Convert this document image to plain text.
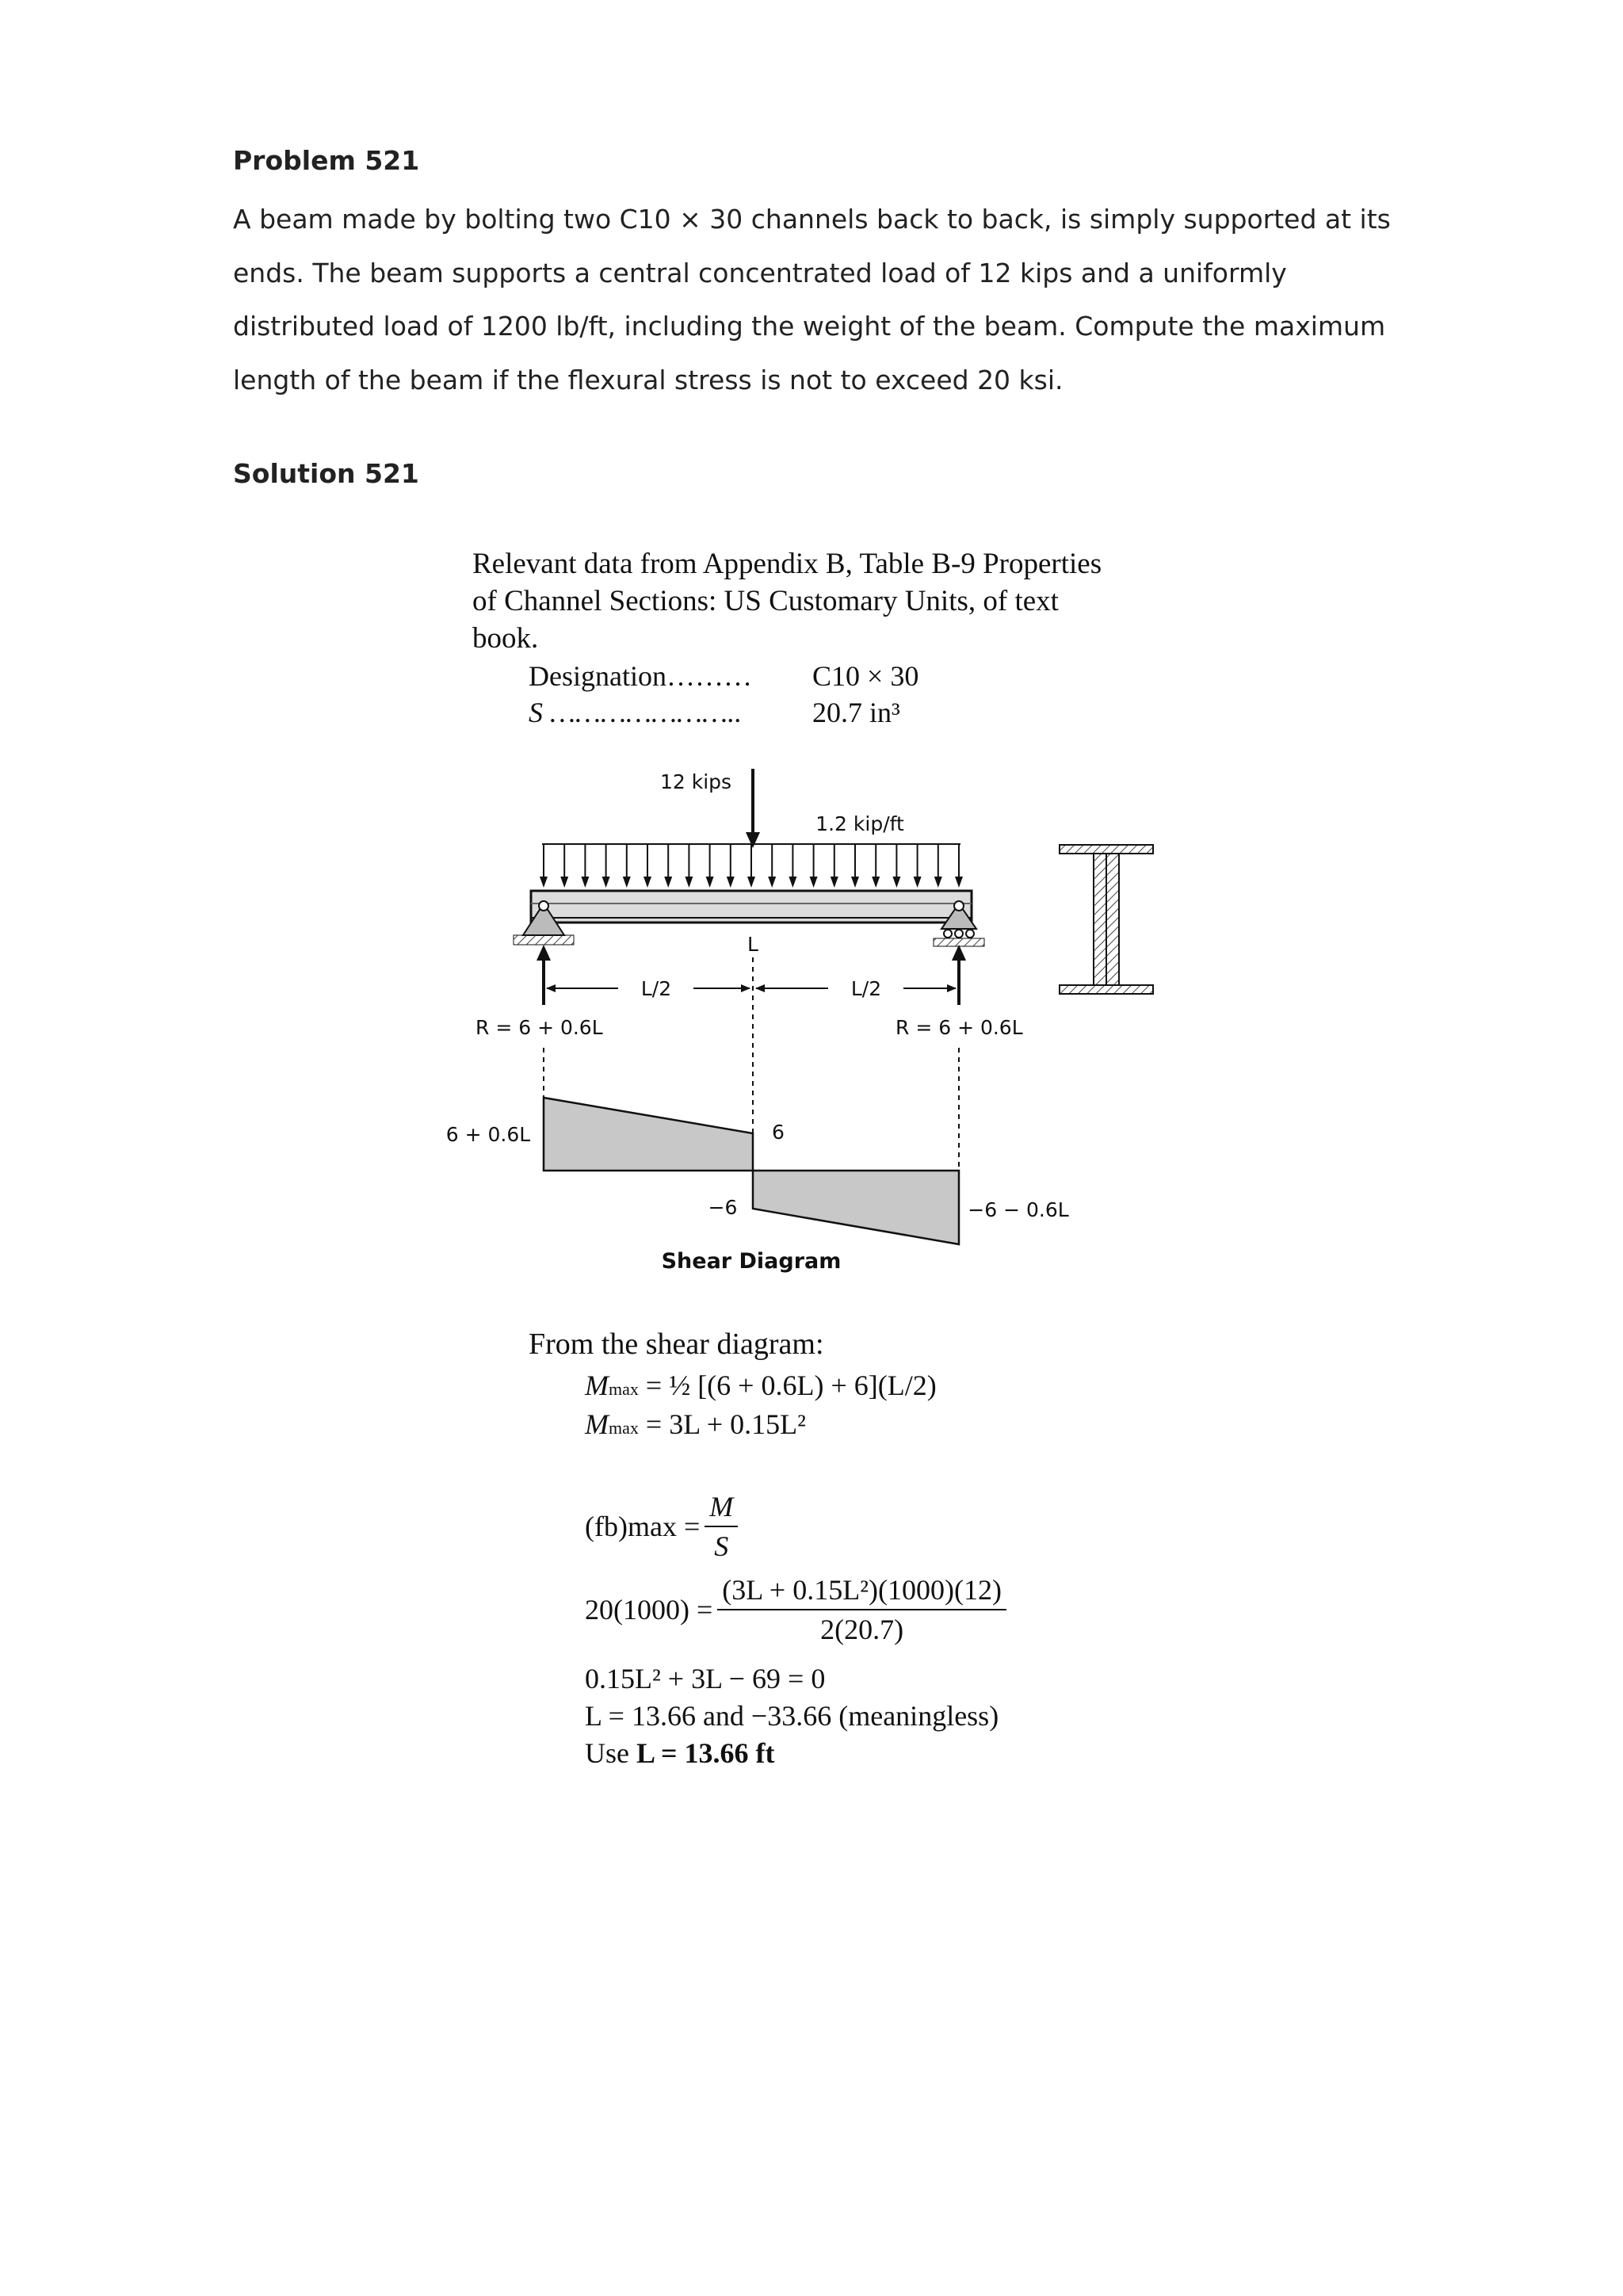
Problem 521
A beam made by bolting two C10 × 30 channels back to back, is simply supported at its
ends. The beam supports a central concentrated load of 12 kips and a uniformly
distributed load of 1200 lb/ft, including the weight of the beam. Compute the maximum
length of the beam if the flexural stress is not to exceed 20 ksi.
Solution 521
Relevant data from Appendix B, Table B-9 Properties
of Channel Sections: US Customary Units, of text
book.
Designation……… C10 × 30
S ………………….. 20.7 in³
12 kips
1.2 kip/ft
L
L/2	L/2
R = 6 + 0.6L	R = 6 + 0.6L
6 + 0.6L	6
−6	−6 − 0.6L
Shear Diagram
From the shear diagram:
Mmax = ½ [(6 + 0.6L) + 6](L/2)
Mmax = 3L + 0.15L²
$(fb)\max = \frac{M}{S}$
$20(1000) = \frac{\text{(3L + 0.15L²)(1000)(12)}}{2(20.7)}$
0.15L² + 3L − 69 = 0
L = 13.66 and −33.66 (meaningless)
Use L = 13.66 ft
